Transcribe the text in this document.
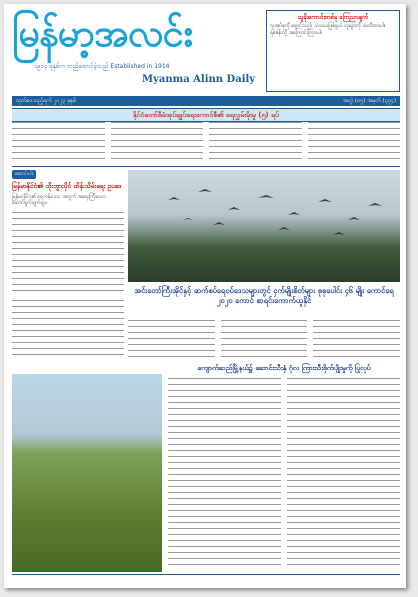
မြန်မာ့အလင်း
၁၉၁၄ ခုနှစ်က တည်ထောင်ခဲ့သည် Established in 1914
Myanma Alinn Daily
သူခိုးကောင်းတစ်ခု ကြေညာချက်
လူအုပ်စုကို ရှောင်သည်၊ သံသယဖြစ်ဖွယ် လူများကို သတိထားပါ။ ရဲစခန်းသို့ အကြောင်းကြားပါ။
ထုတ်ဝေသည့်ရက် ၂၀၂၃ ခုနှစ်	အတွဲ (၈၅) အမှတ် (၃၃၄)
နိုင်ငံတော်စီမံအုပ်ချုပ်ရေးကောင်စီ၏ ရေလွှမ်းမိုးမှု (၅) ရပ်
ဆောင်းပါး
မြန်မာနိုင်ငံ၏ ဘိုးဘွားပိုင် ထိန်းသိမ်းရေး ဥပဒေ
မြန်မာနိုင်ငံ၏ ရေကန်ဒေသ အတွက် အရေးကြီးသော ဆောင်ရွက်ချက်များ
အင်းတော်ကြီးအိုင်နှင့် ဆက်စပ်ရေဝပ်ဒေသများတွင် ငှက်မျိုးစိတ်များ စုစုပေါင်း ၄၆ မျိုး ကောင်ရေ ၂၀၂၀ ကောင် စာရင်းကောက်ယူနိုင်
ကျောက်ဆည်မြို့နယ်၌ ဆောင်းသီးနှံ ဂုံလ ကြားသီးစိုက်ပျိုးမှုကို ပြုလုပ်
